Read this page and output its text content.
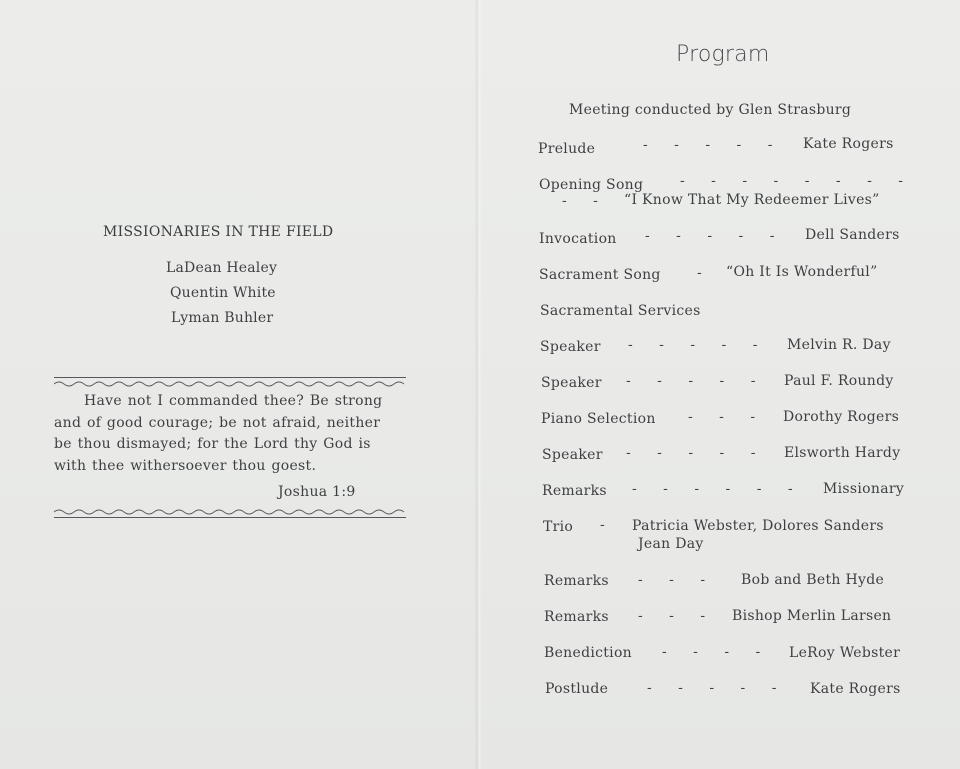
MISSIONARIES IN THE FIELD
LaDean Healey
Quentin White
Lyman Buhler

Have not I commanded thee? Be strong
and of good courage; be not afraid, neither
be thou dismayed; for the Lord thy God is
with thee withersoever thou goest.

Joshua 1:9
Program
Meeting conducted by Glen Strasburg
Prelude	- - - - - Kate Rogers
Opening Song	- - - - - - - -
- - “I Know That My Redeemer Lives”
Invocation - - - - - Dell Sanders
Sacrament Song	- “Oh It Is Wonderful”
Sacramental Services
Speaker - - - - - Melvin R. Day
Speaker - - - - - Paul F. Roundy
Piano Selection - - - Dorothy Rogers
Speaker - - - - - Elsworth Hardy
Remarks - - - - - - Missionary
Trio - Patricia Webster, Dolores Sanders
Jean Day
Remarks - - - Bob and Beth Hyde
Remarks - - - Bishop Merlin Larsen
Benediction - - - - LeRoy Webster
Postlude	- - - - - Kate Rogers
